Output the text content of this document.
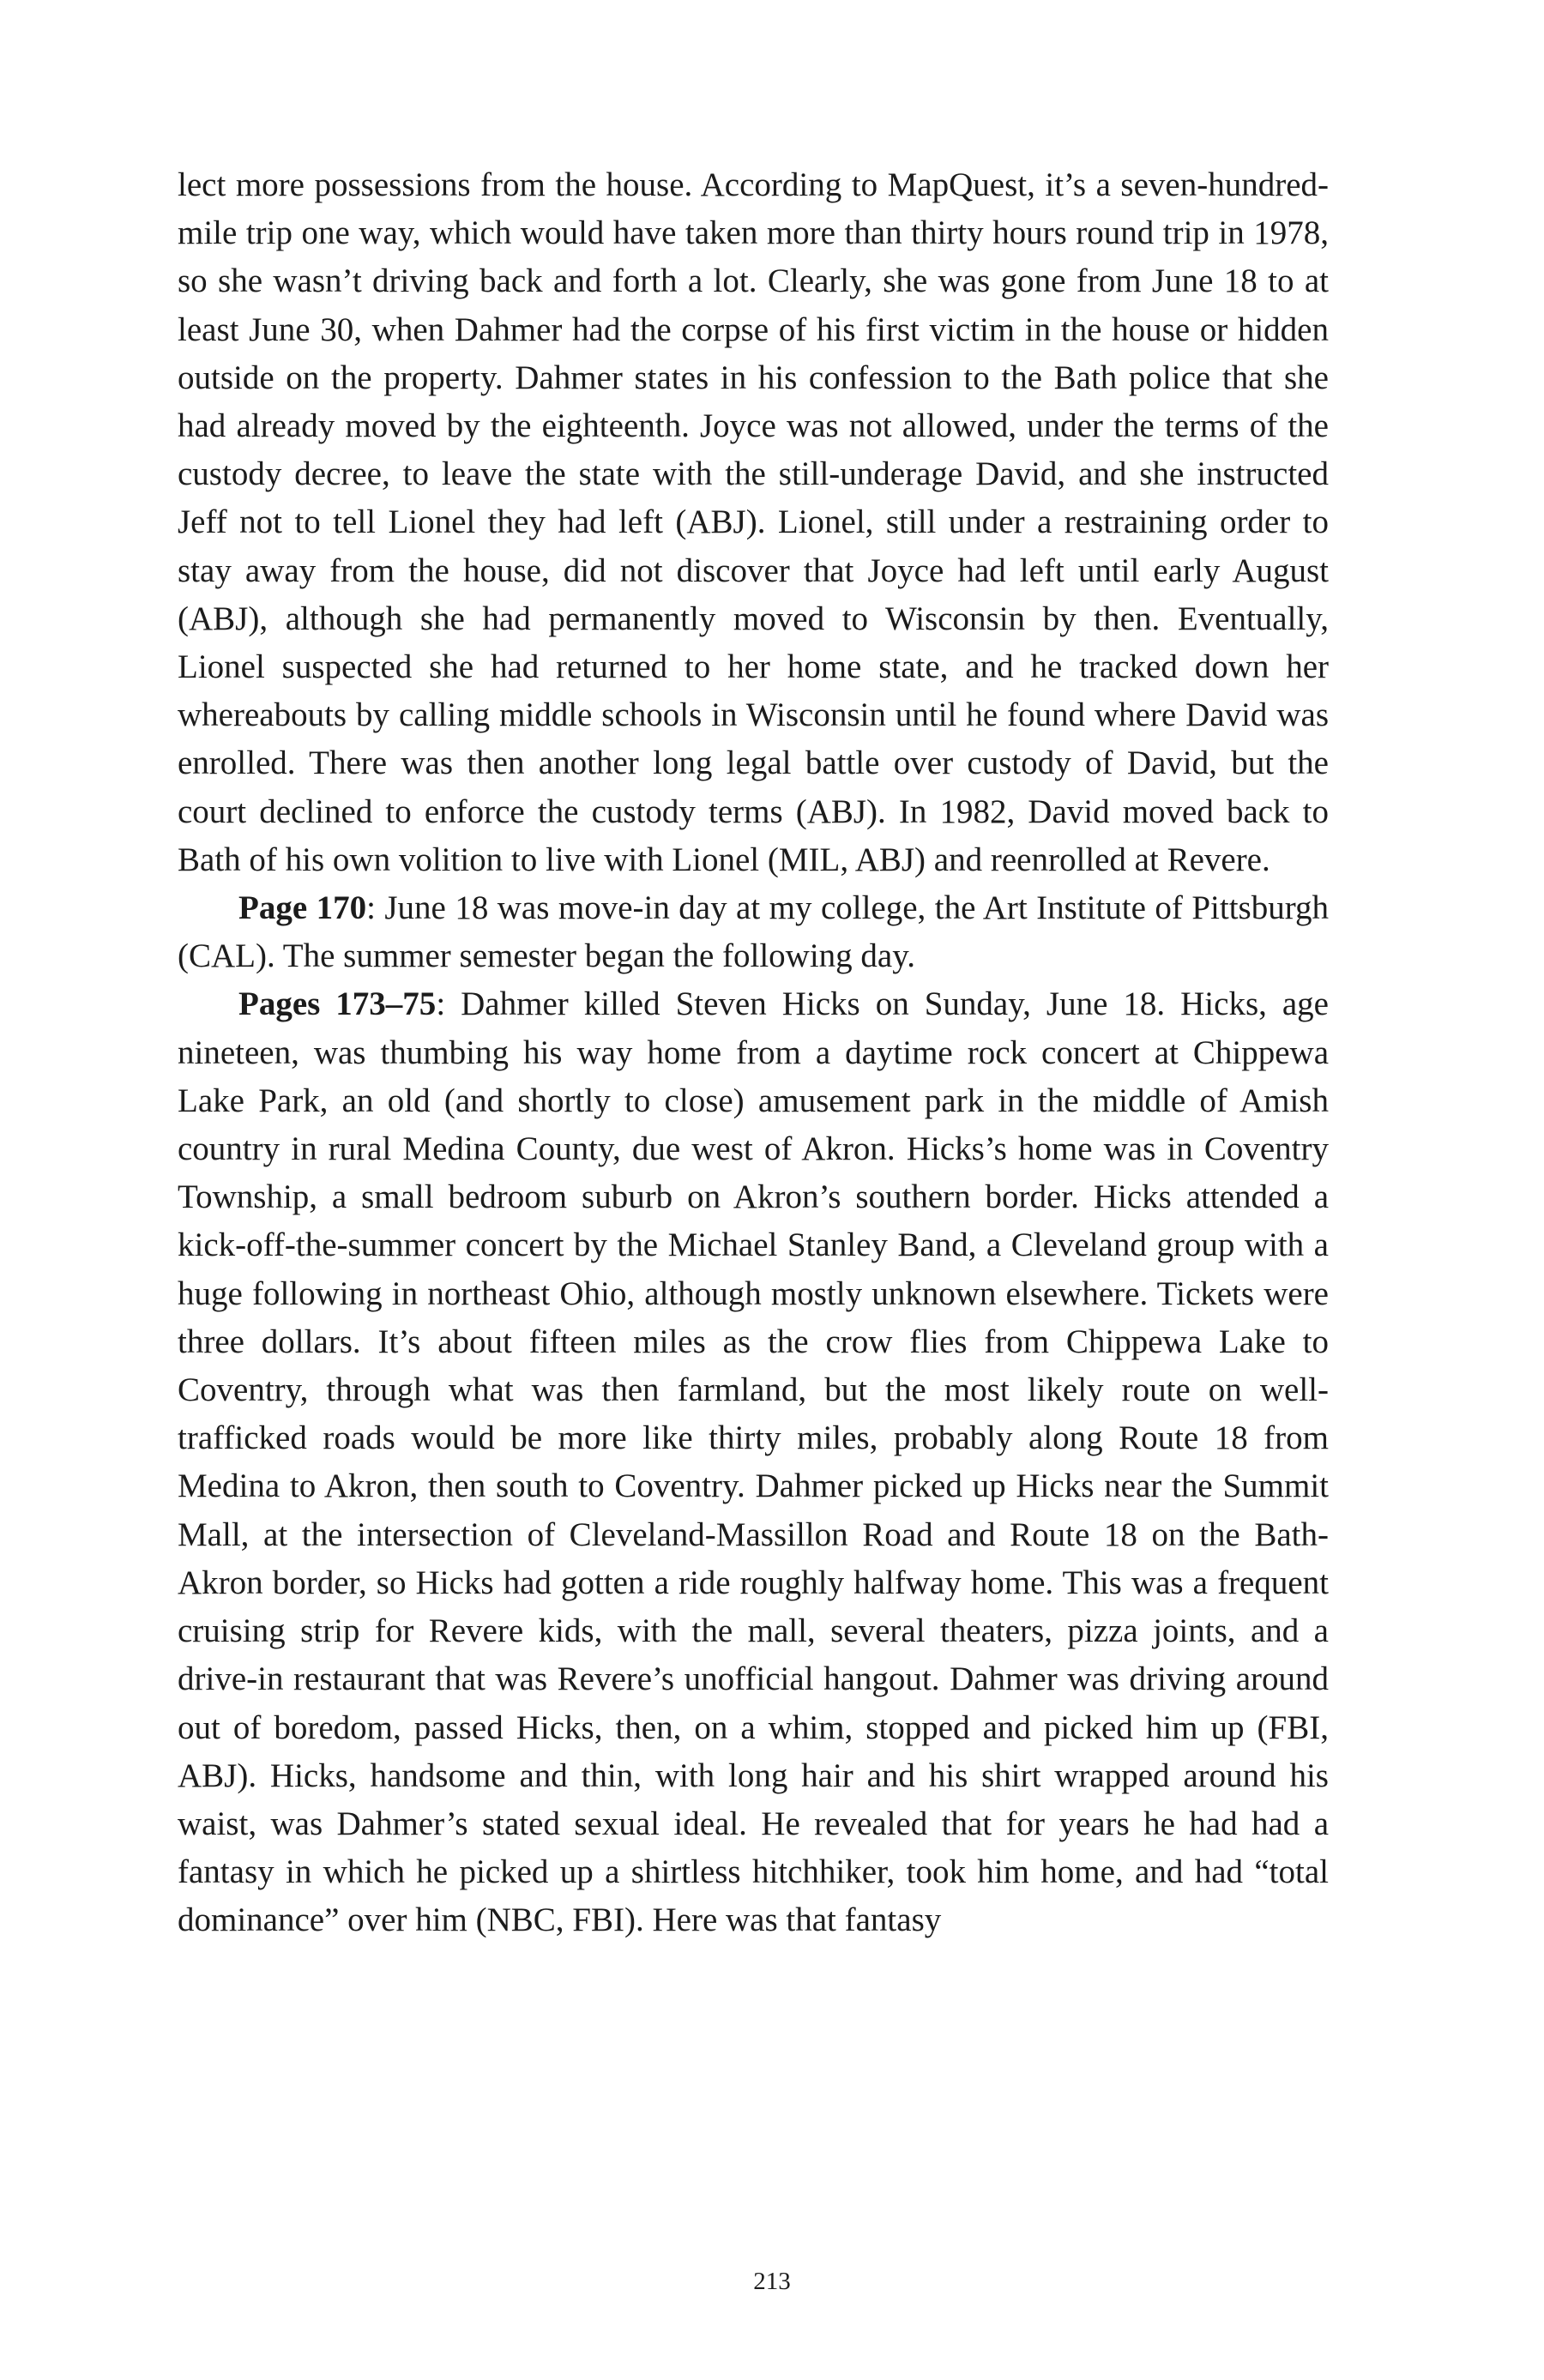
lect more possessions from the house. According to MapQuest, it’s a seven-hundred-mile trip one way, which would have taken more than thirty hours round trip in 1978, so she wasn’t driving back and forth a lot. Clearly, she was gone from June 18 to at least June 30, when Dahmer had the corpse of his first victim in the house or hidden outside on the property. Dahmer states in his confession to the Bath police that she had already moved by the eighteenth. Joyce was not allowed, under the terms of the custody decree, to leave the state with the still-underage David, and she instructed Jeff not to tell Lionel they had left (ABJ). Lionel, still under a restraining order to stay away from the house, did not discover that Joyce had left until early August (ABJ), although she had permanently moved to Wisconsin by then. Eventually, Lionel suspected she had returned to her home state, and he tracked down her whereabouts by calling middle schools in Wisconsin until he found where David was enrolled. There was then another long legal battle over custody of David, but the court declined to enforce the custody terms (ABJ). In 1982, David moved back to Bath of his own volition to live with Lionel (MIL, ABJ) and reenrolled at Revere.

Page 170: June 18 was move-in day at my college, the Art Institute of Pittsburgh (CAL). The summer semester began the following day.

Pages 173–75: Dahmer killed Steven Hicks on Sunday, June 18. Hicks, age nineteen, was thumbing his way home from a daytime rock concert at Chippewa Lake Park, an old (and shortly to close) amusement park in the middle of Amish country in rural Medina County, due west of Akron. Hicks’s home was in Coventry Township, a small bedroom suburb on Akron’s southern border. Hicks attended a kick-off-the-summer concert by the Michael Stanley Band, a Cleveland group with a huge following in northeast Ohio, although mostly unknown elsewhere. Tickets were three dollars. It’s about fifteen miles as the crow flies from Chippewa Lake to Coventry, through what was then farmland, but the most likely route on well-trafficked roads would be more like thirty miles, probably along Route 18 from Medina to Akron, then south to Coventry. Dahmer picked up Hicks near the Summit Mall, at the intersection of Cleveland-Massillon Road and Route 18 on the Bath-Akron border, so Hicks had gotten a ride roughly halfway home. This was a frequent cruising strip for Revere kids, with the mall, several theaters, pizza joints, and a drive-in restaurant that was Revere’s unofficial hangout. Dahmer was driving around out of boredom, passed Hicks, then, on a whim, stopped and picked him up (FBI, ABJ). Hicks, handsome and thin, with long hair and his shirt wrapped around his waist, was Dahmer’s stated sexual ideal. He revealed that for years he had had a fantasy in which he picked up a shirtless hitchhiker, took him home, and had “total dominance” over him (NBC, FBI). Here was that fantasy

213
